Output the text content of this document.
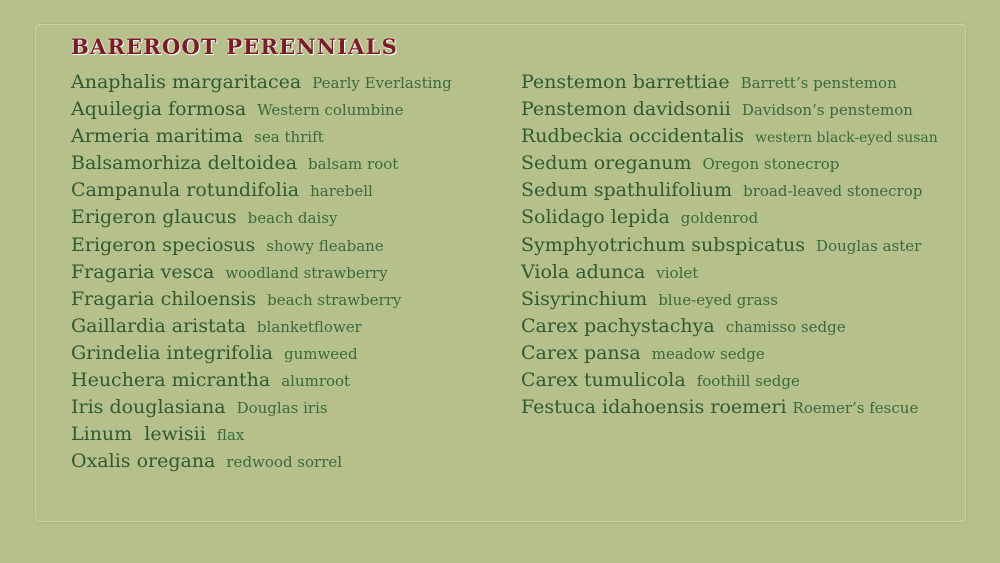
BAREROOT PERENNIALS
Anaphalis margaritacea Pearly Everlasting
Aquilegia formosa Western columbine
Armeria maritima sea thrift
Balsamorhiza deltoidea balsam root
Campanula rotundifolia harebell
Erigeron glaucus beach daisy
Erigeron speciosus showy fleabane
Fragaria vesca woodland strawberry
Fragaria chiloensis beach strawberry
Gaillardia aristata blanketflower
Grindelia integrifolia gumweed
Heuchera micrantha alumroot
Iris douglasiana Douglas iris
Linum  lewisii flax
Oxalis oregana redwood sorrel
Penstemon barrettiae Barrett’s penstemon
Penstemon davidsonii Davidson’s penstemon
Rudbeckia occidentalis western black-eyed susan
Sedum oreganum Oregon stonecrop
Sedum spathulifolium broad-leaved stonecrop
Solidago lepida goldenrod
Symphyotrichum subspicatus Douglas aster
Viola adunca violet
Sisyrinchium blue-eyed grass
Carex pachystachya chamisso sedge
Carex pansa meadow sedge
Carex tumulicola foothill sedge
Festuca idahoensis roemeri Roemer’s fescue
